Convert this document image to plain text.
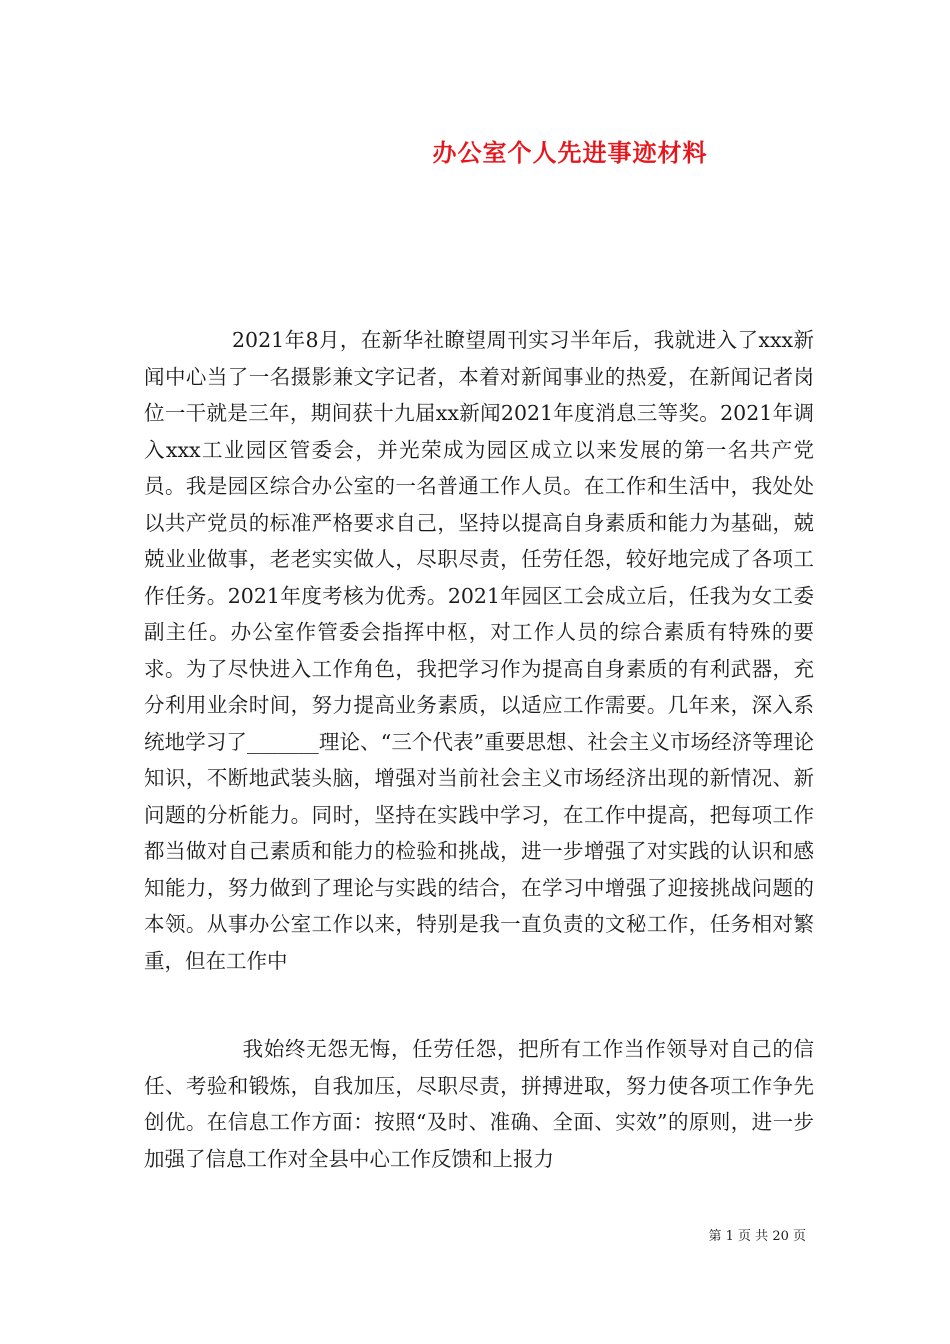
办公室个人先进事迹材料

2021年8月，在新华社瞭望周刊实习半年后，我就进入了xxx新闻中心当了一名摄影兼文字记者，本着对新闻事业的热爱，在新闻记者岗位一干就是三年，期间获十九届xx新闻2021年度消息三等奖。2021年调入xxx工业园区管委会，并光荣成为园区成立以来发展的第一名共产党员。我是园区综合办公室的一名普通工作人员。在工作和生活中，我处处以共产党员的标准严格要求自己，坚持以提高自身素质和能力为基础，兢兢业业做事，老老实实做人，尽职尽责，任劳任怨，较好地完成了各项工作任务。2021年度考核为优秀。2021年园区工会成立后，任我为女工委副主任。办公室作管委会指挥中枢，对工作人员的综合素质有特殊的要求。为了尽快进入工作角色，我把学习作为提高自身素质的有利武器，充分利用业余时间，努力提高业务素质，以适应工作需要。几年来，深入系统地学习了_______理论、“三个代表”重要思想、社会主义市场经济等理论知识，不断地武装头脑，增强对当前社会主义市场经济出现的新情况、新问题的分析能力。同时，坚持在实践中学习，在工作中提高，把每项工作都当做对自己素质和能力的检验和挑战，进一步增强了对实践的认识和感知能力，努力做到了理论与实践的结合，在学习中增强了迎接挑战问题的本领。从事办公室工作以来，特别是我一直负责的文秘工作，任务相对繁重，但在工作中

我始终无怨无悔，任劳任怨，把所有工作当作领导对自己的信任、考验和锻炼，自我加压，尽职尽责，拼搏进取，努力使各项工作争先创优。在信息工作方面：按照“及时、准确、全面、实效”的原则，进一步加强了信息工作对全县中心工作反馈和上报力

第 1 页 共 20 页
